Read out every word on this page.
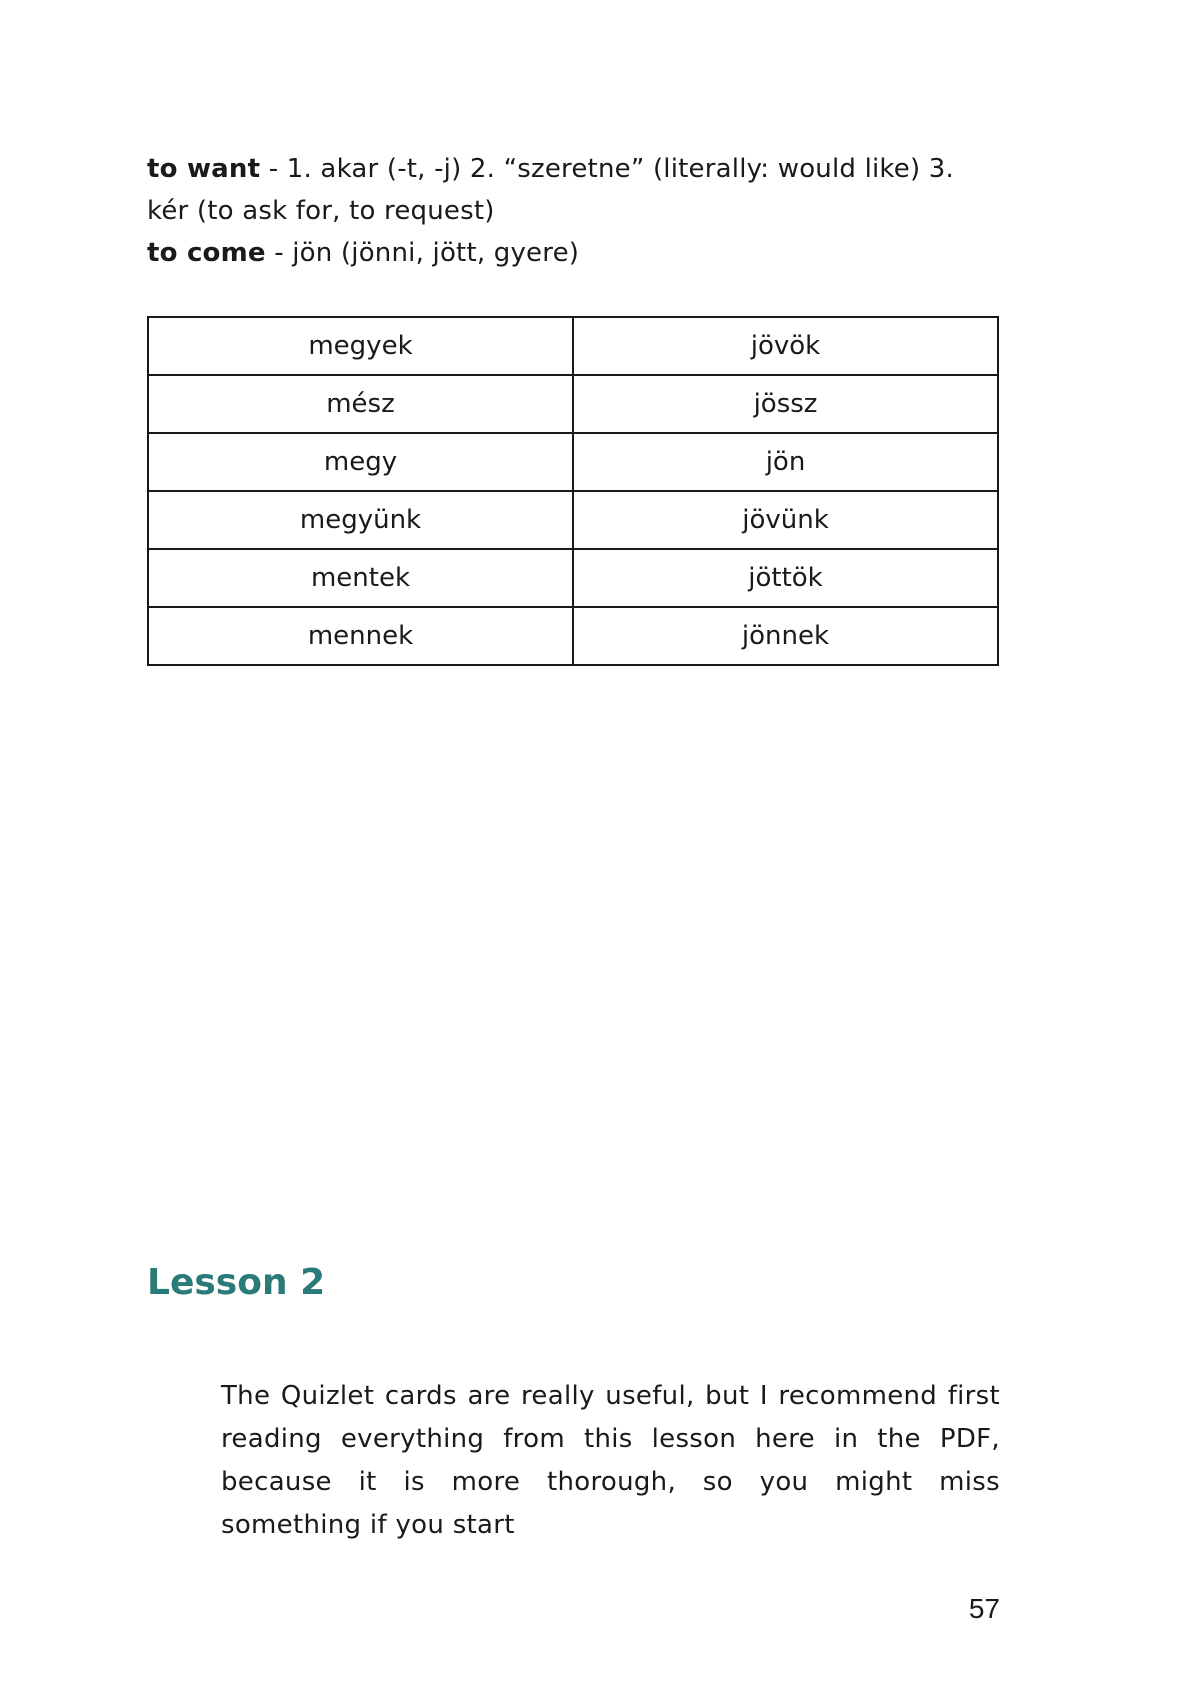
to want - 1. akar (-t, -j) 2. “szeretne” (literally: would like) 3. kér (to ask for, to request)

to come - jön (jönni, jött, gyere)

megyek	jövök
mész	jössz
megy	jön
megyünk	jövünk
mentek	jöttök
mennek	jönnek
Lesson 2

The Quizlet cards are really useful, but I recommend first reading everything from this lesson here in the PDF, because it is more thorough, so you might miss something if you start

57
